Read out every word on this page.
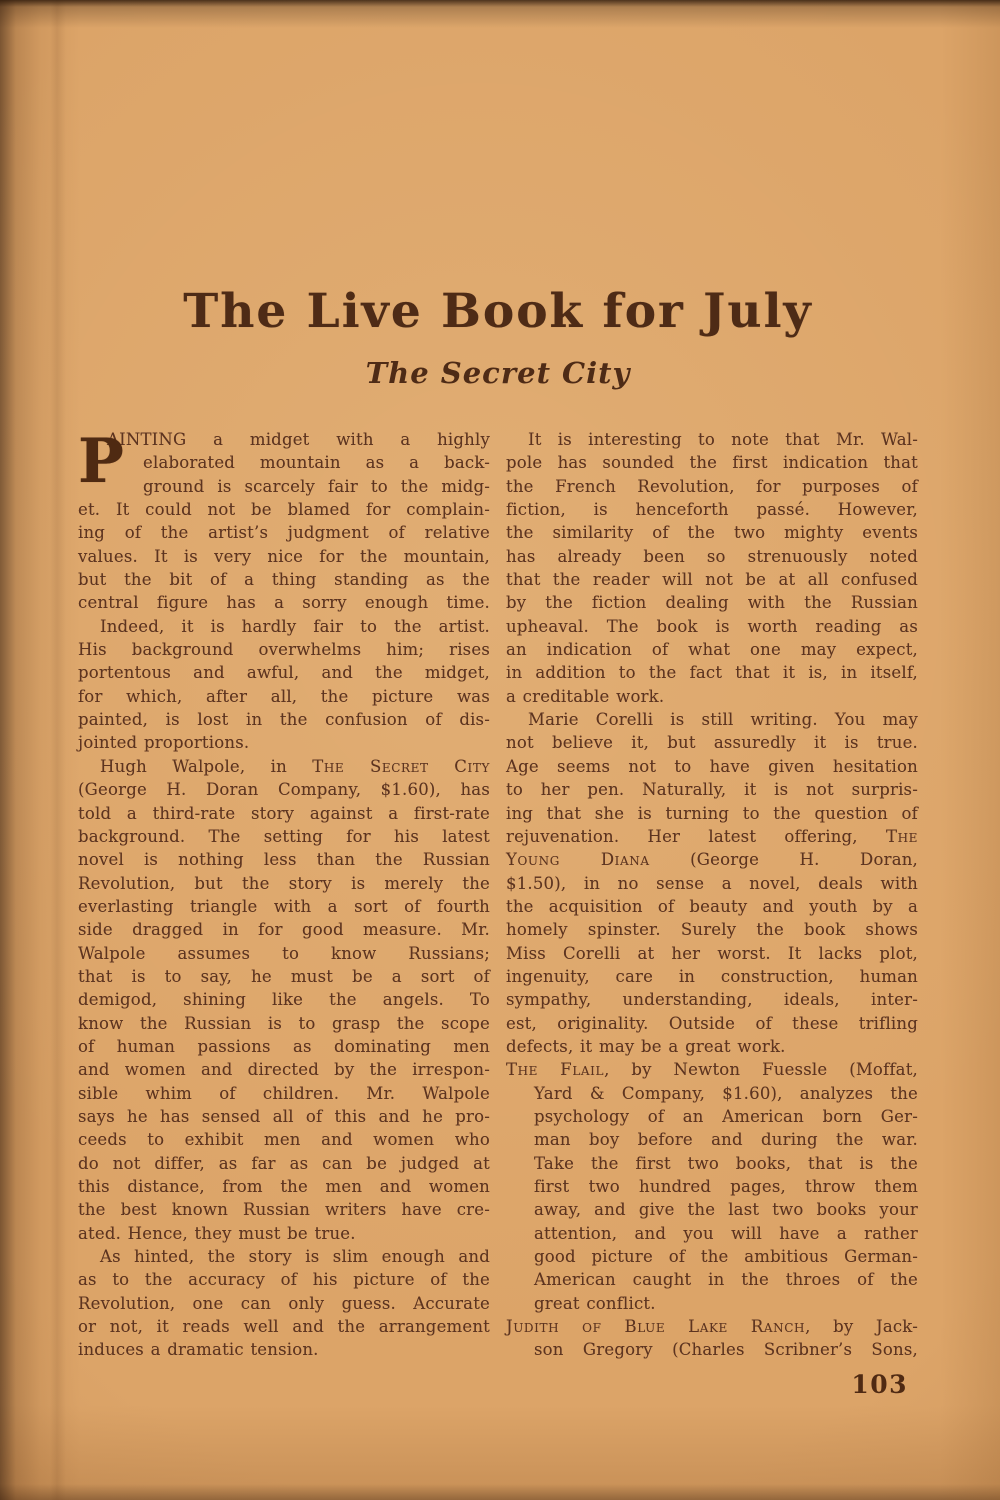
The Live Book for July
The Secret City
P
AINTING a midget with a highly
elaborated mountain as a back-
ground is scarcely fair to the midg-
et. It could not be blamed for complain-
ing of the artist’s judgment of relative
values. It is very nice for the mountain,
but the bit of a thing standing as the
central figure has a sorry enough time.
Indeed, it is hardly fair to the artist.
His background overwhelms him; rises
portentous and awful, and the midget,
for which, after all, the picture was
painted, is lost in the confusion of dis-
jointed proportions.
Hugh Walpole, in The Secret City
(George H. Doran Company, $1.60), has
told a third-rate story against a first-rate
background. The setting for his latest
novel is nothing less than the Russian
Revolution, but the story is merely the
everlasting triangle with a sort of fourth
side dragged in for good measure. Mr.
Walpole assumes to know Russians;
that is to say, he must be a sort of
demigod, shining like the angels. To
know the Russian is to grasp the scope
of human passions as dominating men
and women and directed by the irrespon-
sible whim of children. Mr. Walpole
says he has sensed all of this and he pro-
ceeds to exhibit men and women who
do not differ, as far as can be judged at
this distance, from the men and women
the best known Russian writers have cre-
ated. Hence, they must be true.
As hinted, the story is slim enough and
as to the accuracy of his picture of the
Revolution, one can only guess. Accurate
or not, it reads well and the arrangement
induces a dramatic tension.
It is interesting to note that Mr. Wal-
pole has sounded the first indication that
the French Revolution, for purposes of
fiction, is henceforth passé. However,
the similarity of the two mighty events
has already been so strenuously noted
that the reader will not be at all confused
by the fiction dealing with the Russian
upheaval. The book is worth reading as
an indication of what one may expect,
in addition to the fact that it is, in itself,
a creditable work.
Marie Corelli is still writing. You may
not believe it, but assuredly it is true.
Age seems not to have given hesitation
to her pen. Naturally, it is not surpris-
ing that she is turning to the question of
rejuvenation. Her latest offering, The
Young Diana (George H. Doran,
$1.50), in no sense a novel, deals with
the acquisition of beauty and youth by a
homely spinster. Surely the book shows
Miss Corelli at her worst. It lacks plot,
ingenuity, care in construction, human
sympathy, understanding, ideals, inter-
est, originality. Outside of these trifling
defects, it may be a great work.
The Flail, by Newton Fuessle (Moffat,
Yard & Company, $1.60), analyzes the
psychology of an American born Ger-
man boy before and during the war.
Take the first two books, that is the
first two hundred pages, throw them
away, and give the last two books your
attention, and you will have a rather
good picture of the ambitious German-
American caught in the throes of the
great conflict.
Judith of Blue Lake Ranch, by Jack-
son Gregory (Charles Scribner’s Sons,
103
